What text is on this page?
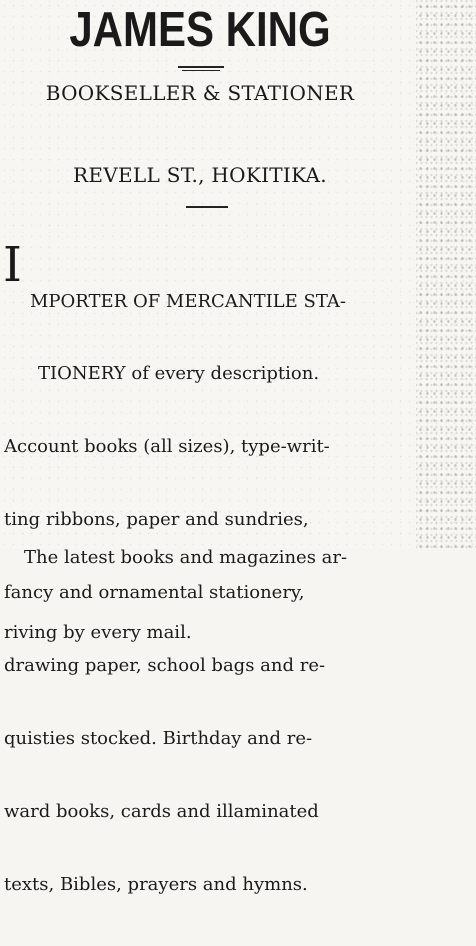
JAMES KING
BOOKSELLER & STATIONER
REVELL ST., HOKITIKA.
I

MPORTER OF MERCANTILE STA-

TIONERY of every description.

Account books (all sizes), type-writ-

ting ribbons, paper and sundries,

fancy and ornamental stationery,

drawing paper, school bags and re-

quisties stocked. Birthday and re-

ward books, cards and illaminated

texts, Bibles, prayers and hymns.

The latest books and magazines ar-

riving by every mail.
